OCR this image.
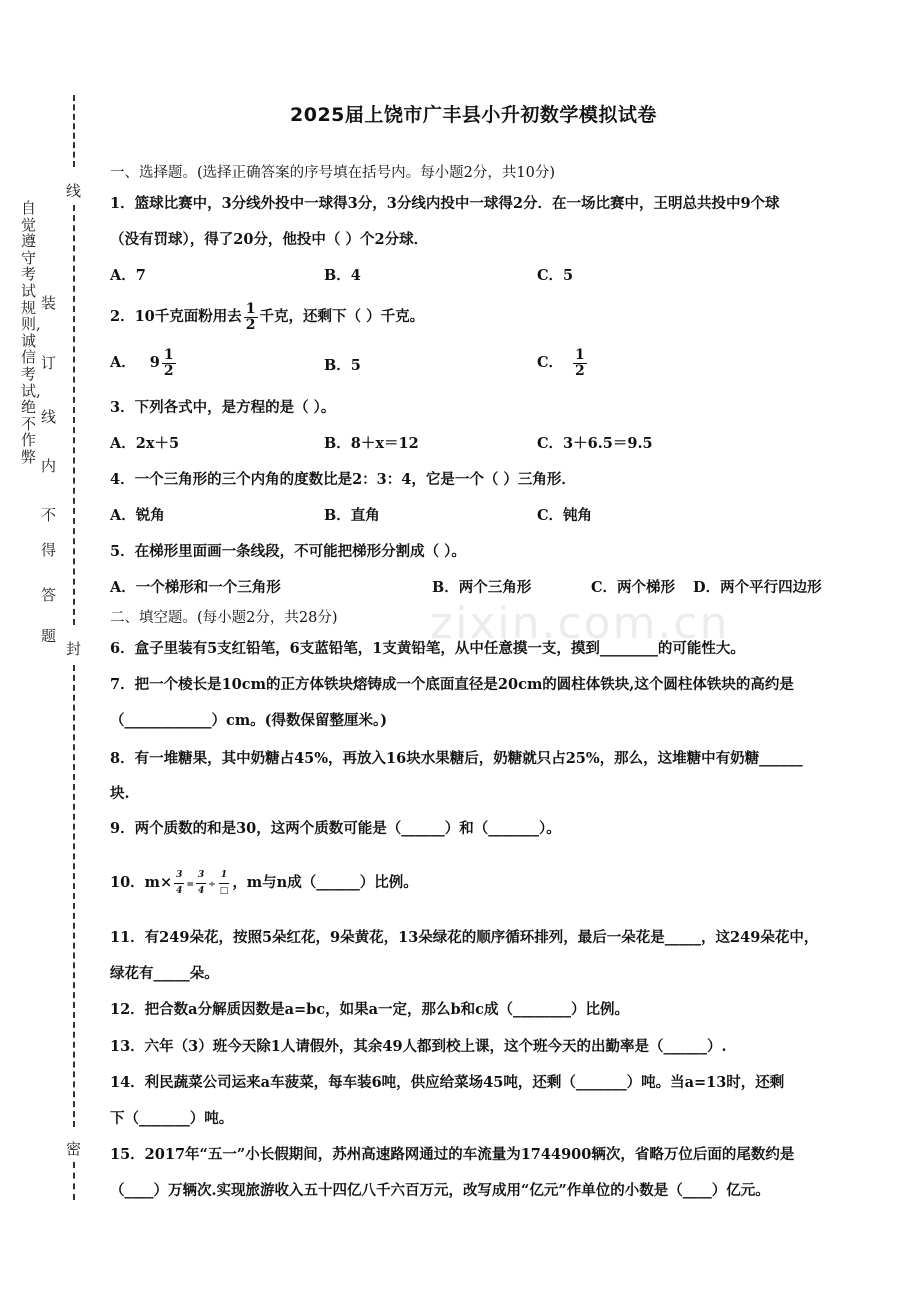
线
封
密
自觉遵守考试规则,诚信考试,绝不作弊
装
订
线
内
不
得
答
题	zixin.com.cn
2025届上饶市广丰县小升初数学模拟试卷
一、选择题。(选择正确答案的序号填在括号内。每小题2分，共10分)
1．篮球比赛中，3分线外投中一球得3分，3分线内投中一球得2分．在一场比赛中，王明总共投中9个球
（没有罚球），得了20分，他投中（ ）个2分球．
A．7	B．4	C．5
2．10千克面粉用去 $\frac{1}{2}$ 千克，还剩下（ ）千克。
A． $9 \frac{1}{2}$	B．5	C． $\frac{1}{2}$
3．下列各式中，是方程的是（ ）。
A．2x＋5	B．8＋x＝12	C．3＋6.5＝9.5
4．一个三角形的三个内角的度数比是2：3：4，它是一个（ ）三角形．
A．锐角	B．直角	C．钝角
5．在梯形里面画一条线段，不可能把梯形分割成（ ）。
A．一个梯形和一个三角形	B．两个三角形	C．两个梯形 D．两个平行四边形
二、填空题。(每小题2分，共28分)
6．盒子里装有5支红铅笔，6支蓝铅笔，1支黄铅笔，从中任意摸一支，摸到________的可能性大。
7．把一个棱长是10cm的正方体铁块熔铸成一个底面直径是20cm的圆柱体铁块,这个圆柱体铁块的高约是
（____________）cm。(得数保留整厘米。)
8．有一堆糖果，其中奶糖占45%，再放入16块水果糖后，奶糖就只占25%，那么，这堆糖中有奶糖______
块.
9．两个质数的和是30，这两个质数可能是（______）和（_______）。
10．$m\times \frac{3}{4} = \frac{3}{4} \div \frac{1}{□}$ ，m与n成（______）比例。
11．有249朵花，按照5朵红花，9朵黄花，13朵绿花的顺序循环排列，最后一朵花是_____，这249朵花中，
绿花有_____朵。
12．把合数a分解质因数是a=bc，如果a一定，那么b和c成（________）比例。
13．六年（3）班今天除1人请假外，其余49人都到校上课，这个班今天的出勤率是（______）.
14．利民蔬菜公司运来a车菠菜，每车装6吨，供应给菜场45吨，还剩（_______）吨。当a=13时，还剩
下（_______）吨。
15．2017年“五一”小长假期间，苏州高速路网通过的车流量为1744900辆次，省略万位后面的尾数约是
（____）万辆次.实现旅游收入五十四亿八千六百万元，改写成用“亿元”作单位的小数是（____）亿元。
